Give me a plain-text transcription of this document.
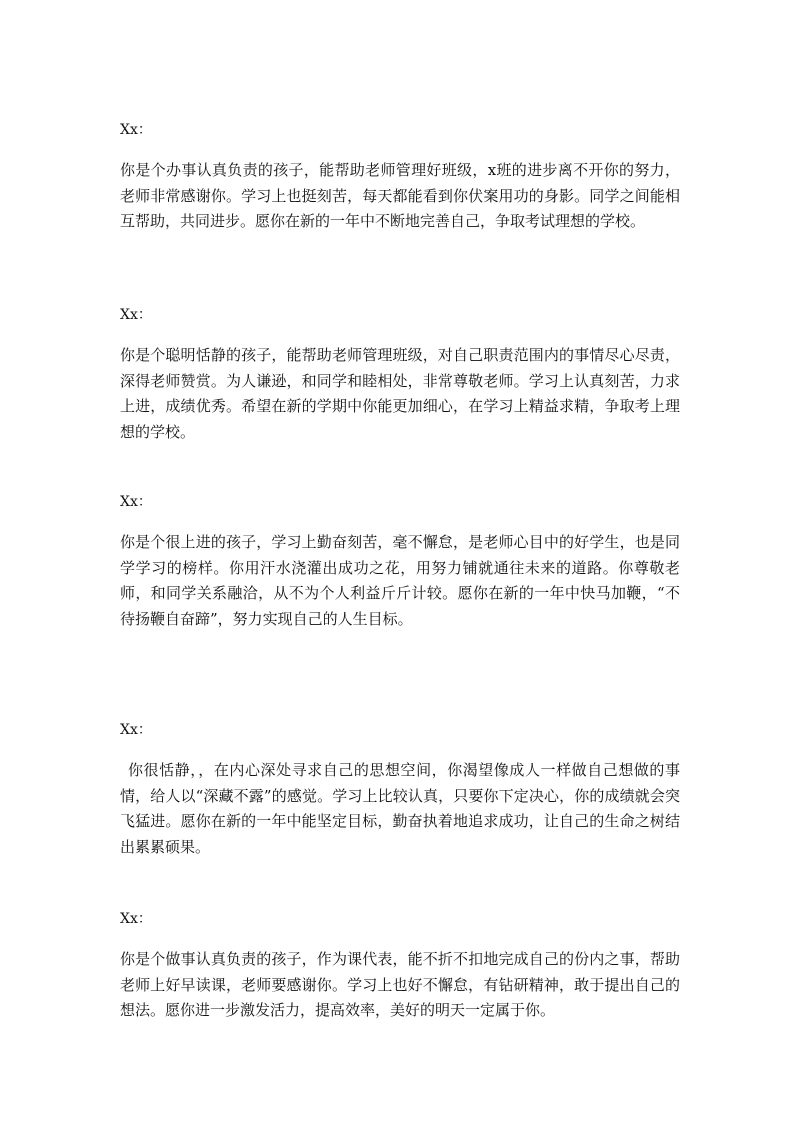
Xx：

你是个办事认真负责的孩子，能帮助老师管理好班级，x班的进步离不开你的努力，老师非常感谢你。学习上也挺刻苦，每天都能看到你伏案用功的身影。同学之间能相互帮助，共同进步。愿你在新的一年中不断地完善自己，争取考试理想的学校。

Xx：

你是个聪明恬静的孩子，能帮助老师管理班级，对自己职责范围内的事情尽心尽责，深得老师赞赏。为人谦逊，和同学和睦相处，非常尊敬老师。学习上认真刻苦，力求上进，成绩优秀。希望在新的学期中你能更加细心，在学习上精益求精，争取考上理想的学校。

Xx：

你是个很上进的孩子，学习上勤奋刻苦，毫不懈怠，是老师心目中的好学生，也是同学学习的榜样。你用汗水浇灌出成功之花，用努力铺就通往未来的道路。你尊敬老师，和同学关系融洽，从不为个人利益斤斤计较。愿你在新的一年中快马加鞭，“不待扬鞭自奋蹄”，努力实现自己的人生目标。

Xx：

你很恬静，，在内心深处寻求自己的思想空间，你渴望像成人一样做自己想做的事情，给人以“深藏不露”的感觉。学习上比较认真，只要你下定决心，你的成绩就会突飞猛进。愿你在新的一年中能坚定目标，勤奋执着地追求成功，让自己的生命之树结出累累硕果。

Xx：

你是个做事认真负责的孩子，作为课代表，能不折不扣地完成自己的份内之事，帮助老师上好早读课，老师要感谢你。学习上也好不懈怠，有钻研精神，敢于提出自己的想法。愿你进一步激发活力，提高效率，美好的明天一定属于你。
